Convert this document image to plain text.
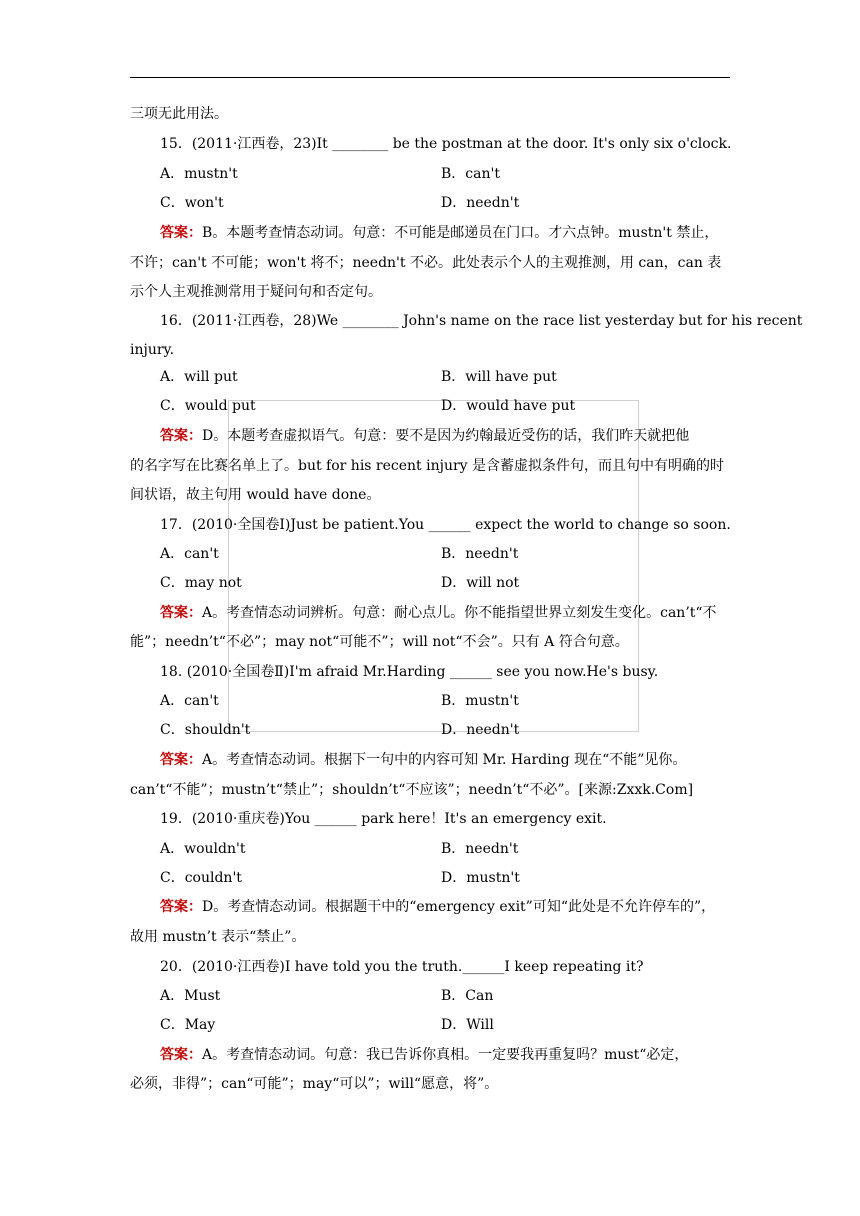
三项无此用法。
15．(2011·江西卷，23)It ________ be the postman at the door. It's only six o'clock.
A．mustn't	B．can't
C．won't	D．needn't
答案：B。本题考查情态动词。句意：不可能是邮递员在门口。才六点钟。mustn't 禁止，
不许；can't 不可能；won't 将不；needn't 不必。此处表示个人的主观推测，用 can，can 表
示个人主观推测常用于疑问句和否定句。
16．(2011·江西卷，28)We ________ John's name on the race list yesterday but for his recent
injury.
A．will put	B．will have put
C．would put	D．would have put
答案：D。本题考查虚拟语气。句意：要不是因为约翰最近受伤的话，我们昨天就把他
的名字写在比赛名单上了。but for his recent injury 是含蓄虚拟条件句，而且句中有明确的时
间状语，故主句用 would have done。
17．(2010·全国卷Ⅰ)Just be patient.You ______ expect the world to change so soon.
A．can't	B．needn't
C．may not	D．will not
答案：A。考查情态动词辨析。句意：耐心点儿。你不能指望世界立刻发生变化。can’t“不
能”；needn’t“不必”；may not“可能不”；will not“不会”。只有 A 符合句意。
18. (2010·全国卷Ⅱ)I'm afraid Mr.Harding ______ see you now.He's busy.
A．can't	B．mustn't
C．shouldn't	D．needn't
答案：A。考查情态动词。根据下一句中的内容可知 Mr. Harding 现在“不能”见你。
can’t“不能”；mustn’t“禁止”；shouldn’t“不应该”；needn’t“不必”。[来源:Zxxk.Com]
19．(2010·重庆卷)You ______ park here！It's an emergency exit.
A．wouldn't	B．needn't
C．couldn't	D．mustn't
答案：D。考查情态动词。根据题干中的“emergency exit”可知“此处是不允许停车的”，
故用 mustn’t 表示“禁止”。
20．(2010·江西卷)I have told you the truth.______I keep repeating it?
A．Must	B．Can
C．May	D．Will
答案：A。考查情态动词。句意：我已告诉你真相。一定要我再重复吗？must“必定，
必须，非得”；can“可能”；may“可以”；will“愿意，将”。
